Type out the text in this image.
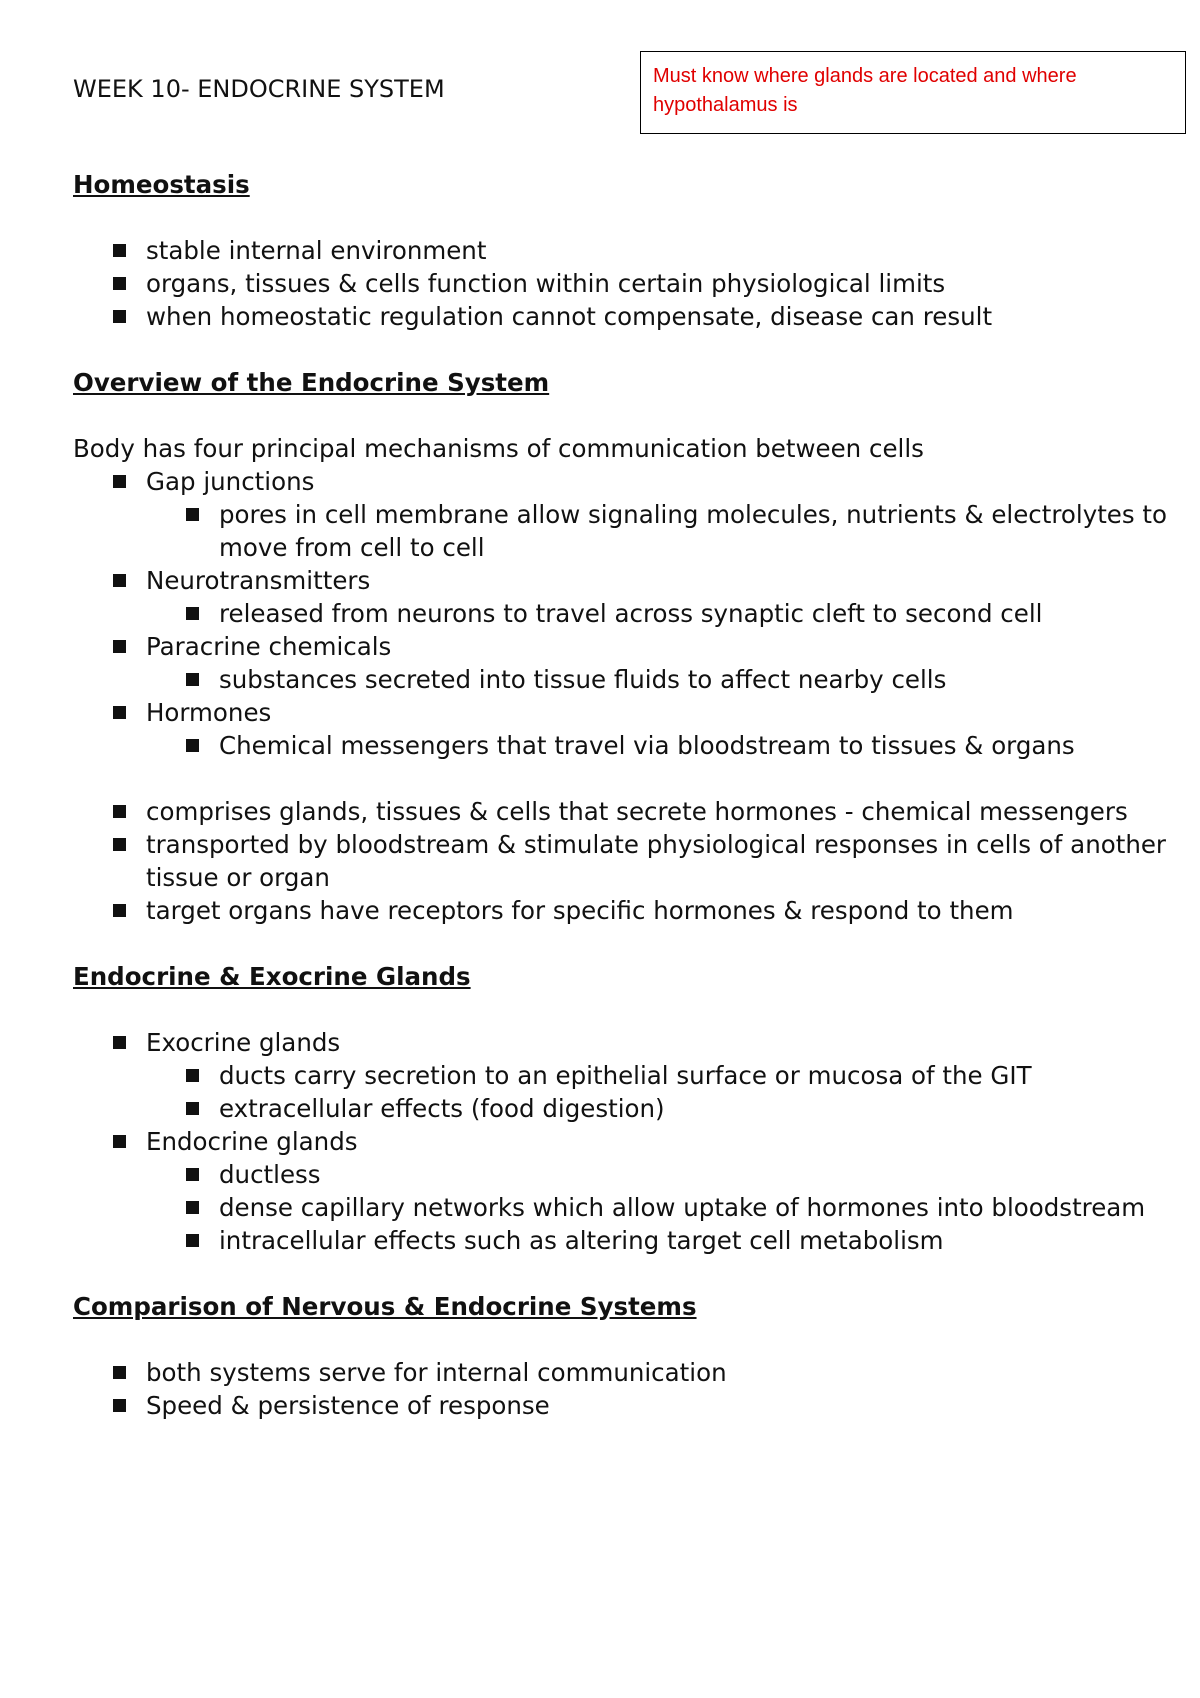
WEEK 10- ENDOCRINE SYSTEM	Must know where glands are located and where hypothalamus is

Homeostasis

stable internal environment
organs, tissues & cells function within certain physiological limits
when homeostatic regulation cannot compensate, disease can result

Overview of the Endocrine System

Body has four principal mechanisms of communication between cells

Gap junctions
pores in cell membrane allow signaling molecules, nutrients & electrolytes to move from cell to cell
Neurotransmitters
released from neurons to travel across synaptic cleft to second cell
Paracrine chemicals
substances secreted into tissue fluids to affect nearby cells
Hormones
Chemical messengers that travel via bloodstream to tissues & organs
comprises glands, tissues & cells that secrete hormones - chemical messengers
transported by bloodstream & stimulate physiological responses in cells of another tissue or organ
target organs have receptors for specific hormones & respond to them

Endocrine & Exocrine Glands

Exocrine glands
ducts carry secretion to an epithelial surface or mucosa of the GIT
extracellular effects (food digestion)
Endocrine glands
ductless
dense capillary networks which allow uptake of hormones into bloodstream
intracellular effects such as altering target cell metabolism

Comparison of Nervous & Endocrine Systems

both systems serve for internal communication
Speed & persistence of response
